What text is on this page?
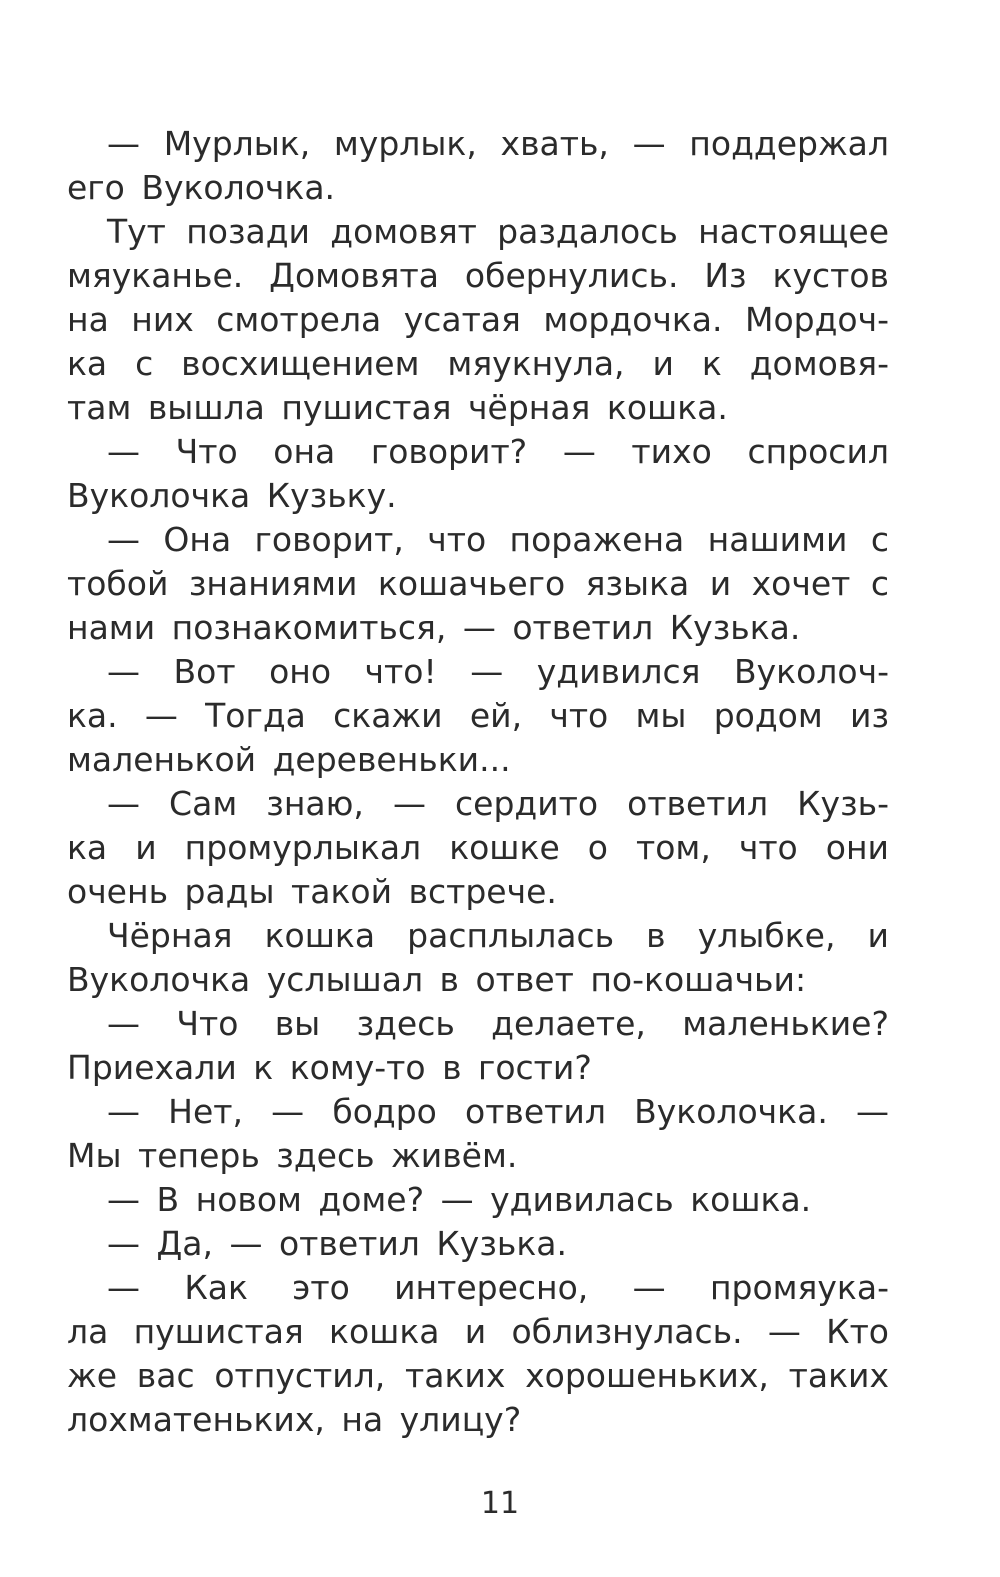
— Мурлык, мурлык, хвать, — поддержал
его Вуколочка.
Тут позади домовят раздалось настоящее
мяуканье. Домовята обернулись. Из кустов
на них смотрела усатая мордочка. Мордоч-
ка с восхищением мяукнула, и к домовя-
там вышла пушистая чёрная кошка.
— Что она говорит? — тихо спросил
Вуколочка Кузьку.
— Она говорит, что поражена нашими с
тобой знаниями кошачьего языка и хочет с
нами познакомиться, — ответил Кузька.
— Вот оно что! — удивился Вуколоч-
ка. — Тогда скажи ей, что мы родом из
маленькой деревеньки...
— Сам знаю, — сердито ответил Кузь-
ка и промурлыкал кошке о том, что они
очень рады такой встрече.
Чёрная кошка расплылась в улыбке, и
Вуколочка услышал в ответ по-кошачьи:
— Что вы здесь делаете, маленькие?
Приехали к кому-то в гости?
— Нет, — бодро ответил Вуколочка. —
Мы теперь здесь живём.
— В новом доме? — удивилась кошка.
— Да, — ответил Кузька.
— Как это интересно, — промяука-
ла пушистая кошка и облизнулась. — Кто
же вас отпустил, таких хорошеньких, таких
лохматеньких, на улицу?
11
